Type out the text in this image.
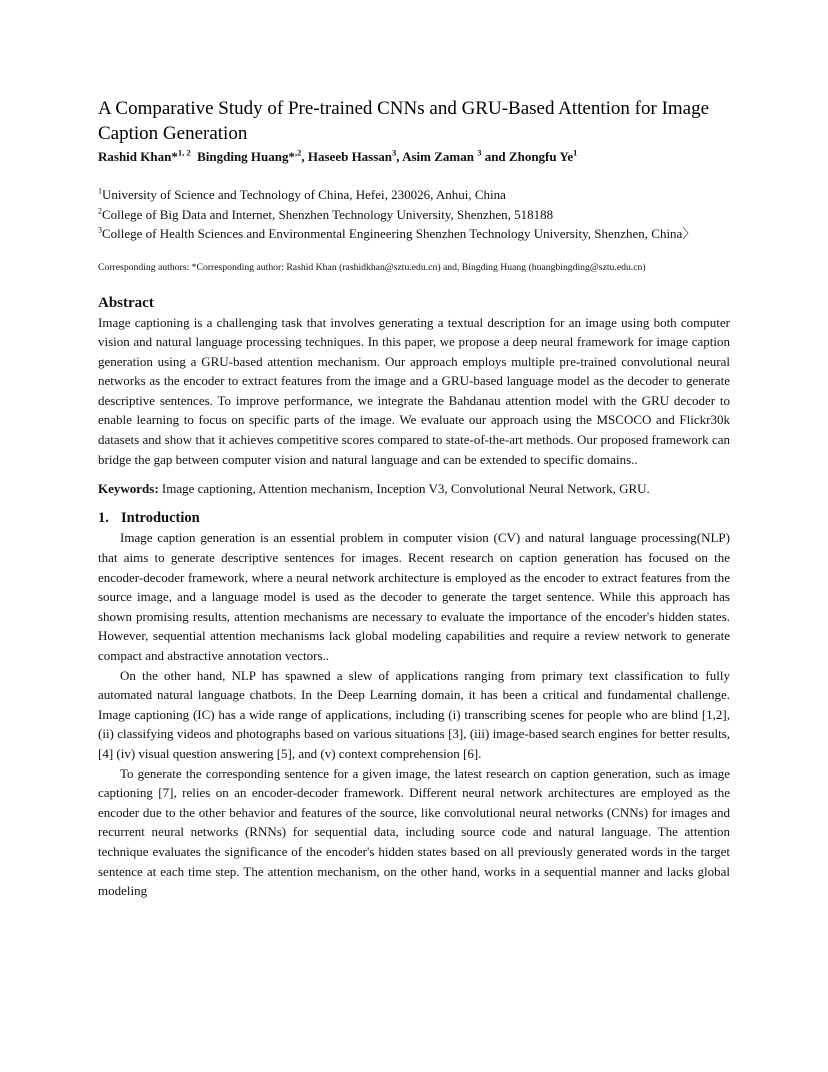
A Comparative Study of Pre-trained CNNs and GRU-Based Attention for Image Caption Generation
Rashid Khan*$^{1, 2}$ Bingding Huang*$^{,2}$, Haseeb Hassan$^3$, Asim Zaman $^3$ and Zhongfu Ye$^1$
$^1$University of Science and Technology of China, Hefei, 230026, Anhui, China
$^2$College of Big Data and Internet, Shenzhen Technology University, Shenzhen, 518188
$^3$College of Health Sciences and Environmental Engineering Shenzhen Technology University, Shenzhen, China〉
Corresponding authors: *Corresponding author: Rashid Khan (rashidkhan@sztu.edu.cn) and, Bingding Huang (huangbingding@sztu.edu.cn)
Abstract

Image captioning is a challenging task that involves generating a textual description for an image using both computer vision and natural language processing techniques. In this paper, we propose a deep neural framework for image caption generation using a GRU-based attention mechanism. Our approach employs multiple pre-trained convolutional neural networks as the encoder to extract features from the image and a GRU-based language model as the decoder to generate descriptive sentences. To improve performance, we integrate the Bahdanau attention model with the GRU decoder to enable learning to focus on specific parts of the image. We evaluate our approach using the MSCOCO and Flickr30k datasets and show that it achieves competitive scores compared to state-of-the-art methods. Our proposed framework can bridge the gap between computer vision and natural language and can be extended to specific domains..

Keywords: Image captioning, Attention mechanism, Inception V3, Convolutional Neural Network, GRU.
1. Introduction

Image caption generation is an essential problem in computer vision (CV) and natural language processing(NLP) that aims to generate descriptive sentences for images. Recent research on caption generation has focused on the encoder-decoder framework, where a neural network architecture is employed as the encoder to extract features from the source image, and a language model is used as the decoder to generate the target sentence. While this approach has shown promising results, attention mechanisms are necessary to evaluate the importance of the encoder's hidden states. However, sequential attention mechanisms lack global modeling capabilities and require a review network to generate compact and abstractive annotation vectors..

On the other hand, NLP has spawned a slew of applications ranging from primary text classification to fully automated natural language chatbots. In the Deep Learning domain, it has been a critical and fundamental challenge. Image captioning (IC) has a wide range of applications, including (i) transcribing scenes for people who are blind [1,2], (ii) classifying videos and photographs based on various situations [3], (iii) image-based search engines for better results, [4] (iv) visual question answering [5], and (v) context comprehension [6].

To generate the corresponding sentence for a given image, the latest research on caption generation, such as image captioning [7], relies on an encoder-decoder framework. Different neural network architectures are employed as the encoder due to the other behavior and features of the source, like convolutional neural networks (CNNs) for images and recurrent neural networks (RNNs) for sequential data, including source code and natural language. The attention technique evaluates the significance of the encoder's hidden states based on all previously generated words in the target sentence at each time step. The attention mechanism, on the other hand, works in a sequential manner and lacks global modeling
